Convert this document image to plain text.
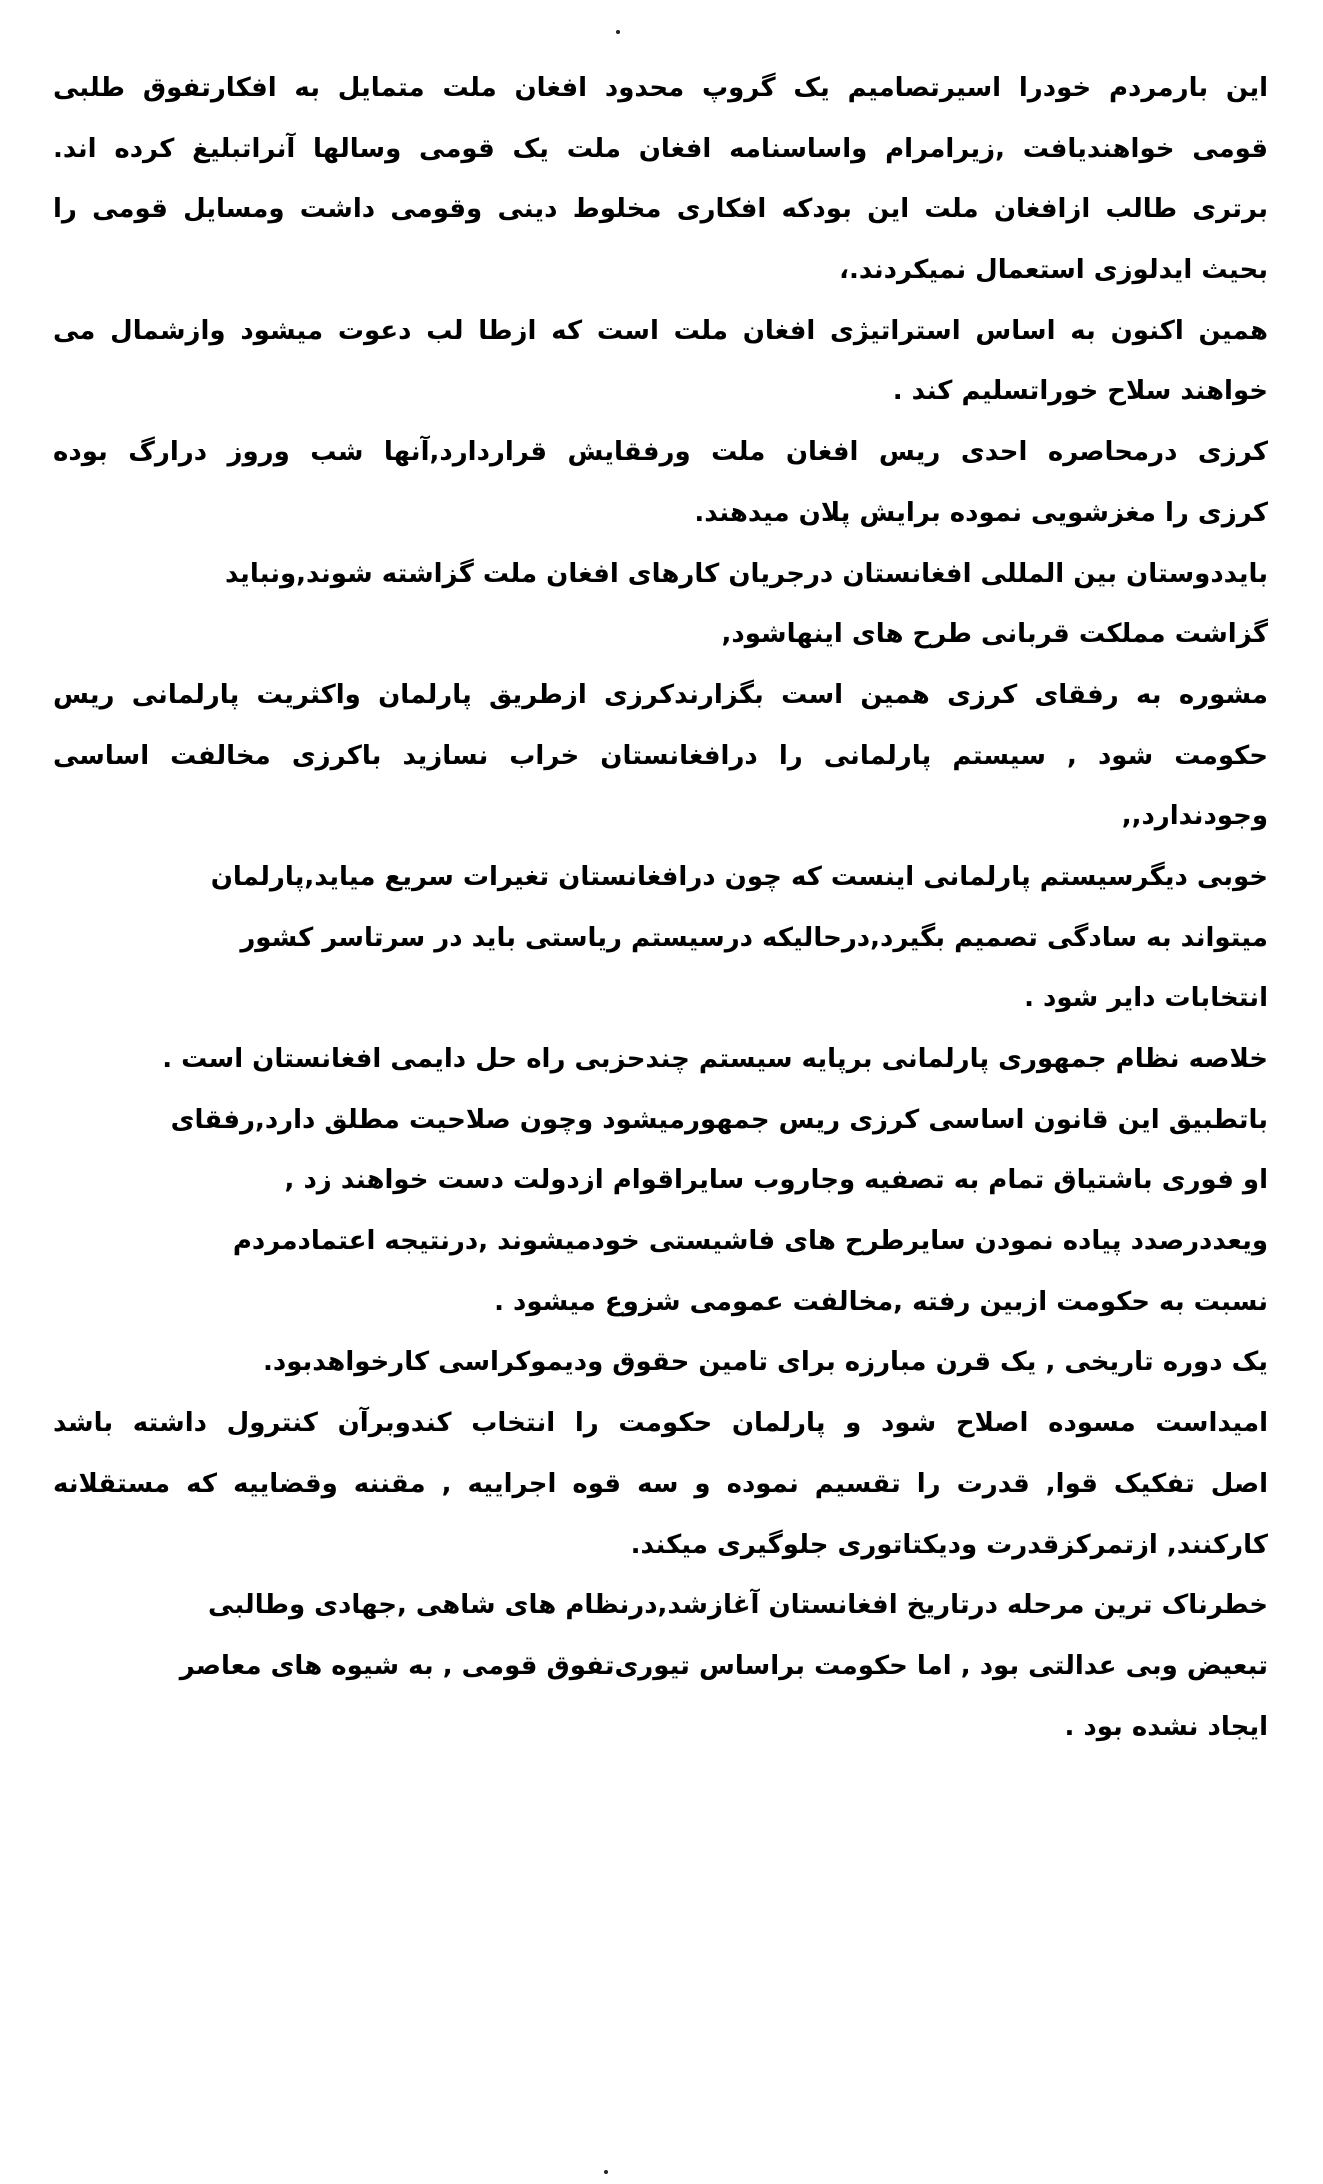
این بارمردم خودرا اسیرتصامیم یک گروپ محدود افغان ملت متمایل به افکارتفوق طلبی
قومی خواهندیافت ,زیرامرام واساسنامه افغان ملت یک قومی وسالها آنراتبلیغ کرده اند.
برتری طالب ازافغان ملت این بودکه افکاری مخلوط دینی وقومی داشت ومسایل قومی را
بحیث ایدلوزی استعمال نمیکردند.،
همین اکنون به اساس استراتیژی افغان ملت است که ازطا لب دعوت میشود وازشمال می
خواهند سلاح خوراتسلیم کند .
کرزی درمحاصره احدی ریس افغان ملت ورفقایش قراردارد,آنها شب وروز درارگ بوده
کرزی را مغزشویی نموده برایش پلان میدهند.
بایددوستان بین المللی افغانستان درجریان کارهای افغان ملت گزاشته شوند,ونباید
گزاشت مملکت قربانی طرح های اینهاشود,
مشوره به رفقای کرزی همین است بگزارندکرزی ازطریق پارلمان واکثریت پارلمانی ریس
حکومت شود , سیستم پارلمانی را درافغانستان خراب نسازید باکرزی مخالفت اساسی
وجودندارد,,
خوبی دیگرسیستم پارلمانی اینست که چون درافغانستان تغیرات سریع میاید,پارلمان
میتواند به سادگی تصمیم بگیرد,درحالیکه درسیستم ریاستی باید در سرتاسر کشور
انتخابات دایر شود .
خلاصه نظام جمهوری پارلمانی برپایه سیستم چندحزبی راه حل دایمی افغانستان است .
باتطبیق این قانون اساسی کرزی ریس جمهورمیشود وچون صلاحیت مطلق دارد,رفقای
او فوری باشتیاق تمام به تصفیه وجاروب سایراقوام ازدولت دست خواهند زد ,
ویعددرصدد پیاده نمودن سایرطرح های فاشیستی خودمیشوند ,درنتیجه اعتمادمردم
نسبت به حکومت ازبین رفته ,مخالفت عمومی شزوع میشود .
یک دوره تاریخی , یک قرن مبارزه برای تامین حقوق ودیموکراسی کارخواهدبود.
امیداست مسوده اصلاح شود و پارلمان حکومت را انتخاب کندوبرآن کنترول داشته باشد
اصل تفکیک قوا, قدرت را تقسیم نموده و سه قوه اجراییه , مقننه وقضاییه که مستقلانه
کارکنند, ازتمرکزقدرت ودیکتاتوری جلوگیری میکند.
خطرناک ترین مرحله درتاریخ افغانستان آغازشد,درنظام های شاهی ,جهادی وطالبی
تبعیض وبی عدالتی بود , اما حکومت براساس تیوری‌تفوق قومی , به شیوه های معاصر
ایجاد نشده بود .
